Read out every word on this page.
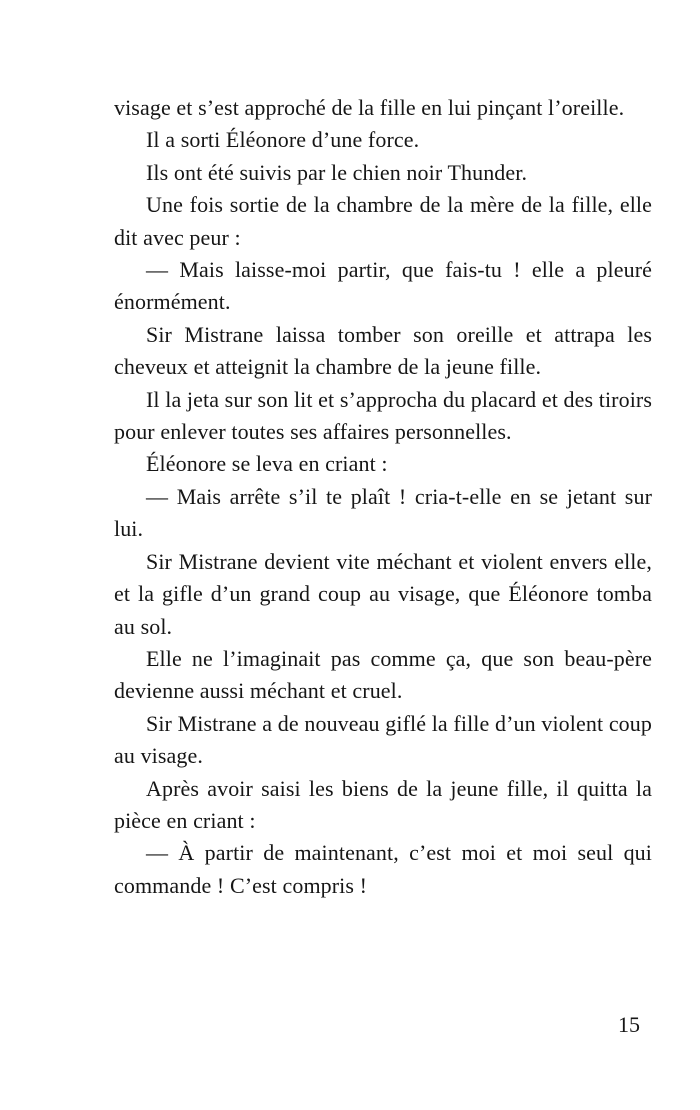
visage et s’est approché de la fille en lui pinçant l’oreille.

Il a sorti Éléonore d’une force.

Ils ont été suivis par le chien noir Thunder.

Une fois sortie de la chambre de la mère de la fille, elle dit avec peur :

— Mais laisse-moi partir, que fais-tu ! elle a pleuré énormément.

Sir Mistrane laissa tomber son oreille et attrapa les cheveux et atteignit la chambre de la jeune fille.

Il la jeta sur son lit et s’approcha du placard et des tiroirs pour enlever toutes ses affaires personnelles.

Éléonore se leva en criant :

— Mais arrête s’il te plaît ! cria-t-elle en se jetant sur lui.

Sir Mistrane devient vite méchant et violent envers elle, et la gifle d’un grand coup au visage, que Éléonore tomba au sol.

Elle ne l’imaginait pas comme ça, que son beau-père devienne aussi méchant et cruel.

Sir Mistrane a de nouveau giflé la fille d’un violent coup au visage.

Après avoir saisi les biens de la jeune fille, il quitta la pièce en criant :

— À partir de maintenant, c’est moi et moi seul qui commande ! C’est compris !

15
